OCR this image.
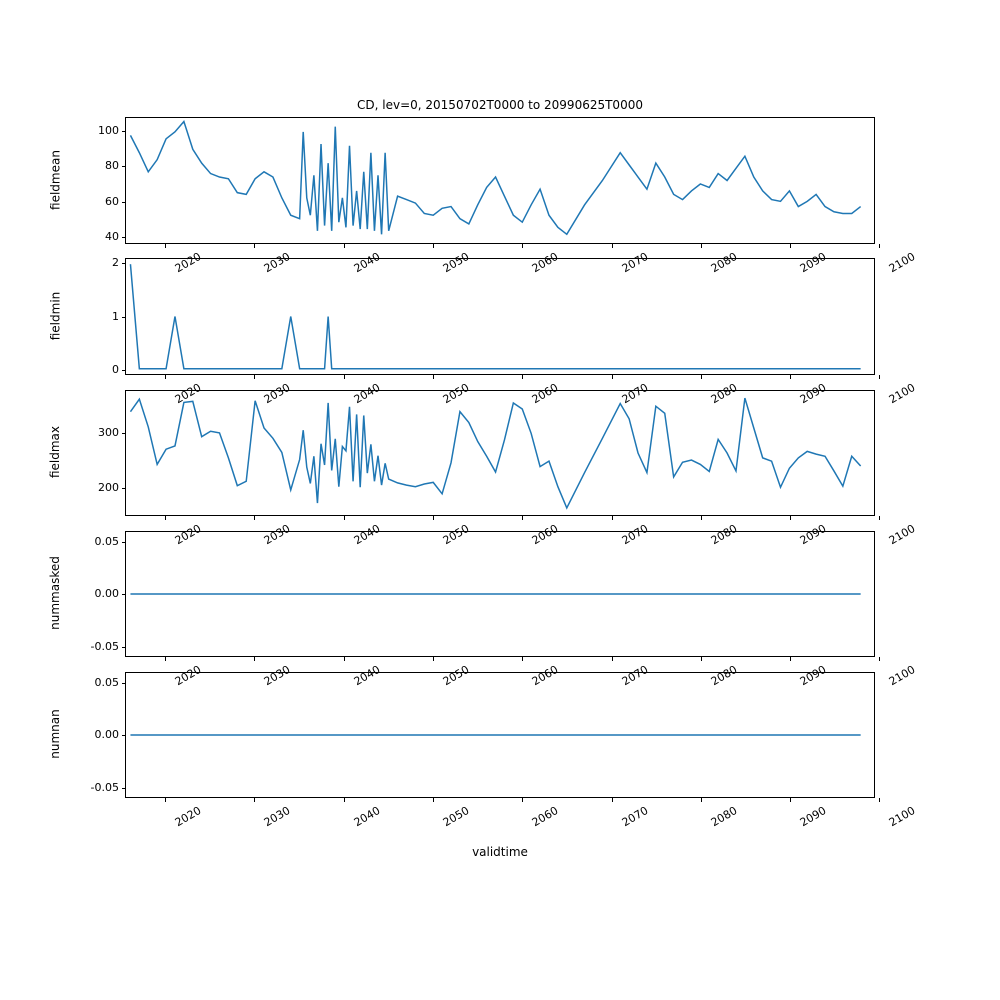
CD, lev=0, 20150702T0000 to 20990625T0000
validtime
fieldmean
40
60
80
100
2020	2030	2040	2050	2060	2070	2080	2090	2100
fieldmin
0
1
2
2020	2030	2040	2050	2060	2070	2080	2090	2100
fieldmax
200
300
2020	2030	2040	2050	2060	2070	2080	2090	2100
nummasked
-0.05
0.00
0.05
2020	2030	2040	2050	2060	2070	2080	2090	2100
numnan
-0.05
0.00
0.05
2020	2030	2040	2050	2060	2070	2080	2090	2100
